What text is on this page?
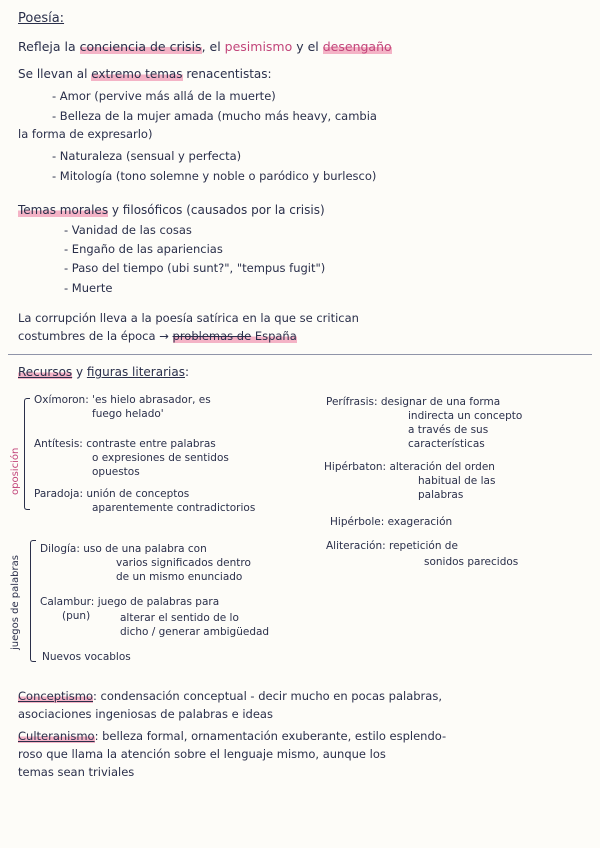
Poesía:
Refleja la conciencia de crisis, el pesimismo y el desengaño
Se llevan al extremo temas renacentistas:
- Amor (pervive más allá de la muerte)
- Belleza de la mujer amada (mucho más heavy, cambia
la forma de expresarlo)
- Naturaleza (sensual y perfecta)
- Mitología (tono solemne y noble o paródico y burlesco)
Temas morales y filosóficos (causados por la crisis)
- Vanidad de las cosas
- Engaño de las apariencias
- Paso del tiempo (ubi sunt?", "tempus fugit")
- Muerte
La corrupción lleva a la poesía satírica en la que se critican
costumbres de la época → problemas de España
Recursos y figuras literarias:
oposición
juegos de palabras
Oxímoron: 'es hielo abrasador, es
fuego helado'
Antítesis: contraste entre palabras
o expresiones de sentidos
opuestos
Paradoja: unión de conceptos
aparentemente contradictorios
Dilogía: uso de una palabra con
varios significados dentro
de un mismo enunciado
Calambur: juego de palabras para
(pun)	alterar el sentido de lo
dicho / generar ambigüedad
Nuevos vocablos
Perífrasis: designar de una forma
indirecta un concepto
a través de sus
características
Hipérbaton: alteración del orden
habitual de las
palabras
Hipérbole: exageración
Aliteración: repetición de
sonidos parecidos
Conceptismo: condensación conceptual - decir mucho en pocas palabras,
asociaciones ingeniosas de palabras e ideas
Culteranismo: belleza formal, ornamentación exuberante, estilo esplendo-
roso que llama la atención sobre el lenguaje mismo, aunque los
temas sean triviales
